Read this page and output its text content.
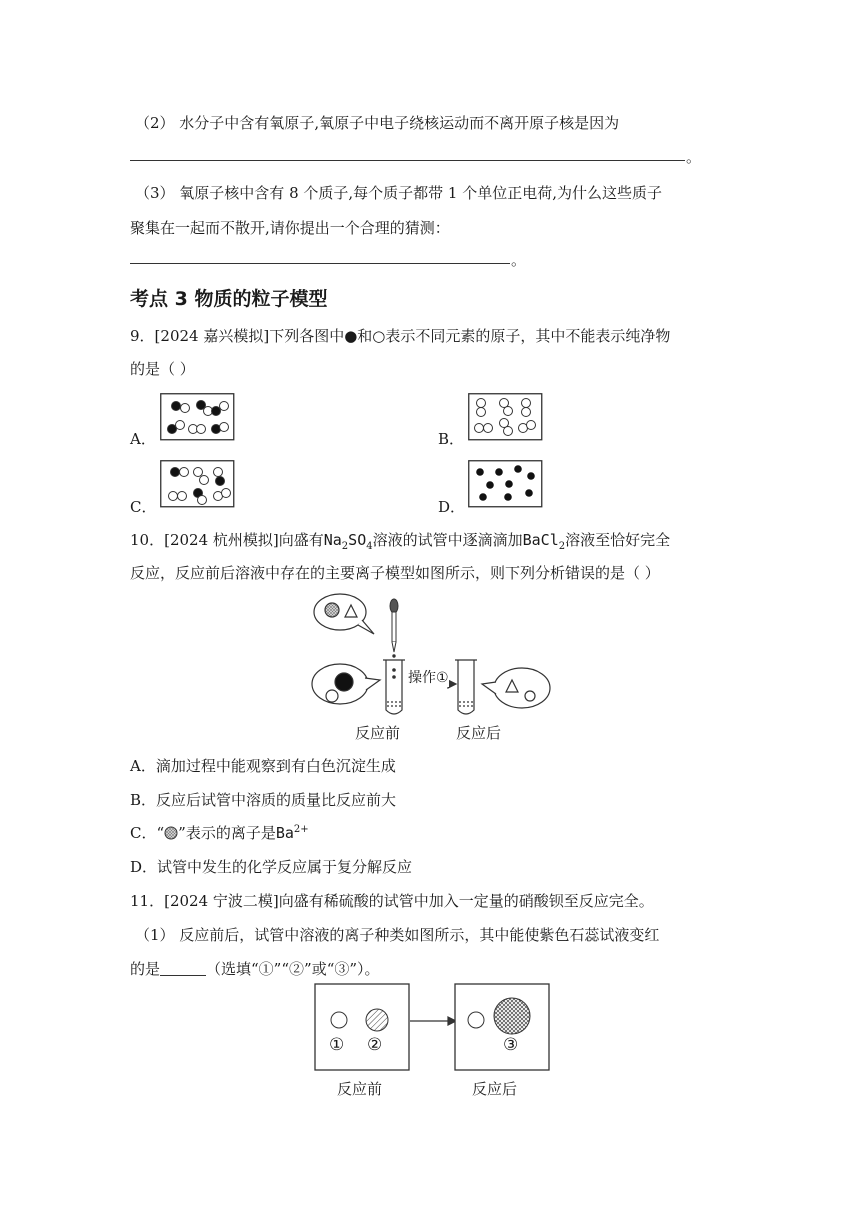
（2） 水分子中含有氧原子,氧原子中电子绕核运动而不离开原子核是因为
。
（3） 氧原子核中含有 8 个质子,每个质子都带 1 个单位正电荷,为什么这些质子
聚集在一起而不散开,请你提出一个合理的猜测：
。
考点 3 物质的粒子模型
9．[2024 嘉兴模拟]下列各图中●和○表示不同元素的原子，其中不能表示纯净物
的是（ ）
A．	B．
C．	D．
10．[2024 杭州模拟]向盛有$Na_2SO_4$溶液的试管中逐滴滴加BaCl$_2$溶液至恰好完全
反应，反应前后溶液中存在的主要离子模型如图所示，则下列分析错误的是（ ）
操作①
反应前	反应后
A．滴加过程中能观察到有白色沉淀生成
B．反应后试管中溶质的质量比反应前大
C．“ ”表示的离子是$Ba^{2+}$
D．试管中发生的化学反应属于复分解反应
11．[2024 宁波二模]向盛有稀硫酸的试管中加入一定量的硝酸钡至反应完全。
（1） 反应前后，试管中溶液的离子种类如图所示，其中能使紫色石蕊试液变红
的是	（选填“①”“②”或“③”）。
① ②	③
反应前	反应后
